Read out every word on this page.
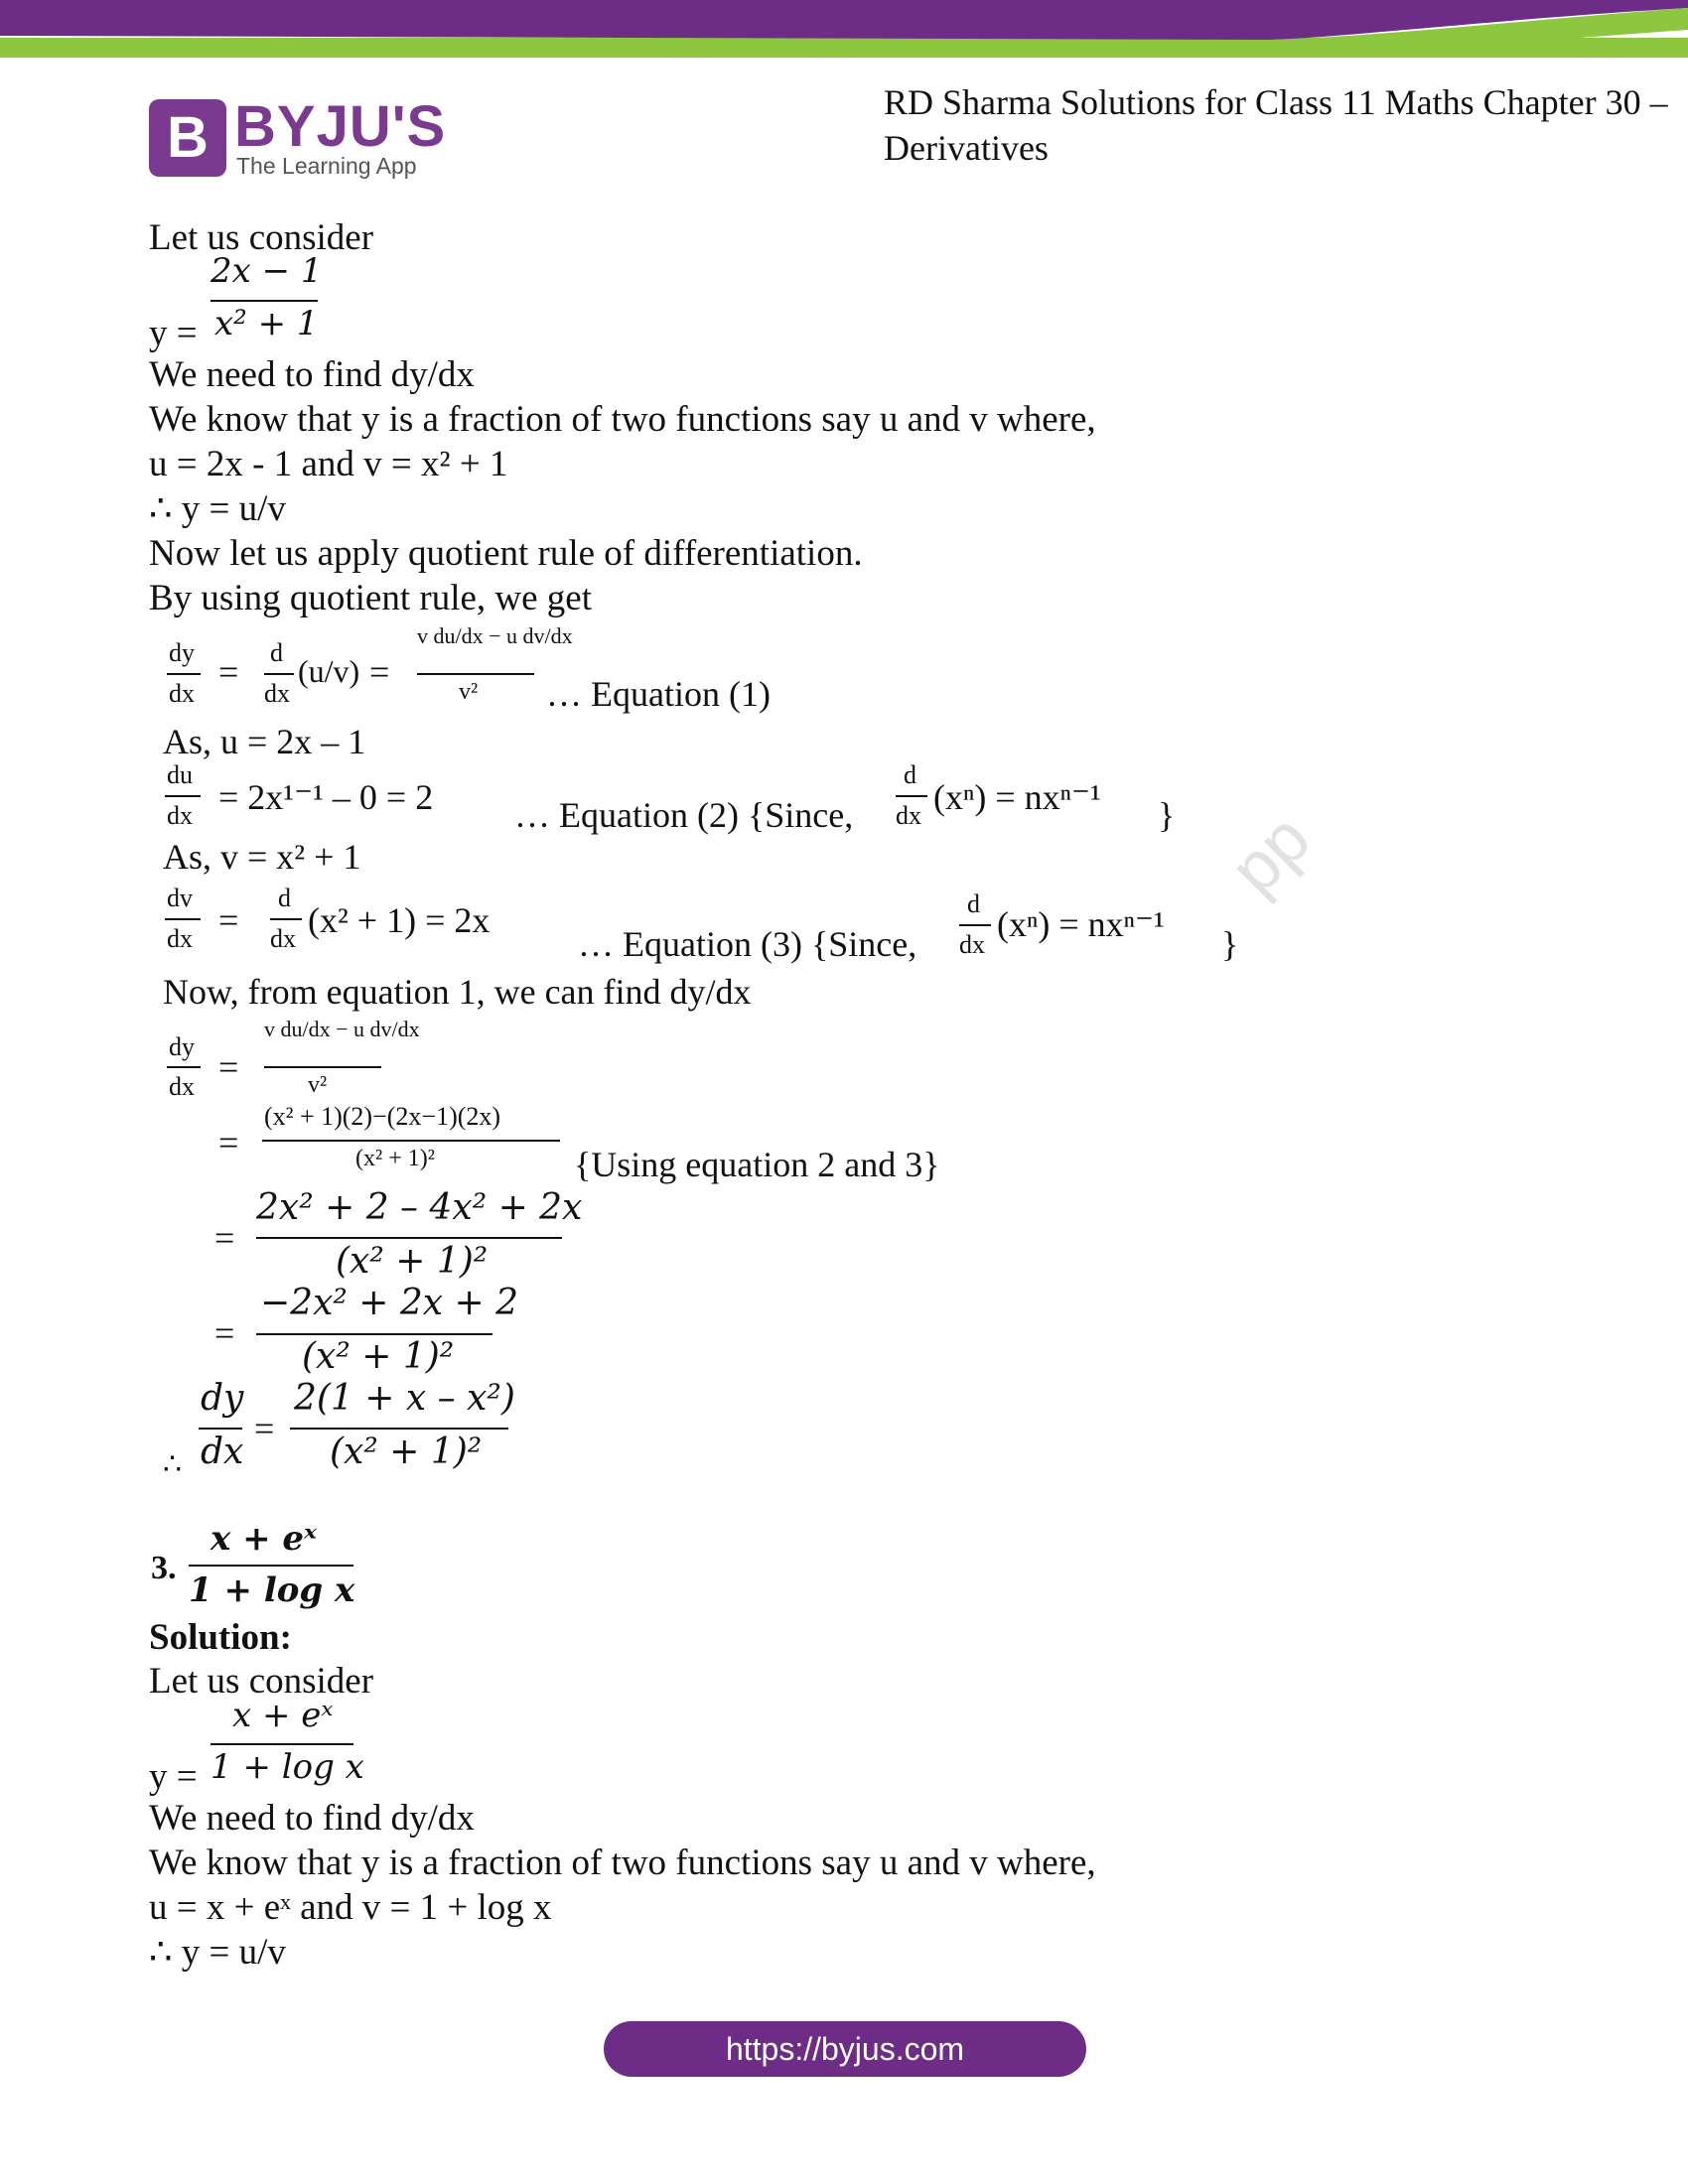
B BYJU'S
The Learning App
RD Sharma Solutions for Class 11 Maths Chapter 30 – Derivatives
Let us consider
2x − 1
y = x² + 1
We need to find dy/dx
We know that y is a fraction of two functions say u and v where,
u = 2x - 1 and v = x² + 1
∴ y = u/v
Now let us apply quotient rule of differentiation.
By using quotient rule, we get
dy
dx
= d
dx
(u/v) =
v du/dx − u dv/dx
v² … Equation (1)
As, u = 2x – 1
du
dx = 2x¹⁻¹ – 0 = 2 … Equation (2) {Since,
d
dx (xⁿ) = nxⁿ⁻¹ }
As, v = x² + 1
dv
dx =
d
dx (x² + 1) = 2x
… Equation (3) {Since,
d
dx
(xⁿ) = nxⁿ⁻¹ }
Now, from equation 1, we can find dy/dx
dy
dx =
v du/dx − u dv/dx
v²
=
(x² + 1)(2)−(2x−1)(2x)
(x² + 1)²	{Using equation 2 and 3}
=
2x² + 2 – 4x² + 2x
(x² + 1)²
=
−2x² + 2x + 2
(x² + 1)²
dy
∴ dx
=
2(1 + x – x²)
(x² + 1)²
3.
x + eˣ
1 + log x
Solution:
Let us consider
x + eˣ
y = 1 + log x
We need to find dy/dx
We know that y is a fraction of two functions say u and v where,
u = x + eˣ and v = 1 + log x
∴ y = u/v
pp
https://byjus.com
